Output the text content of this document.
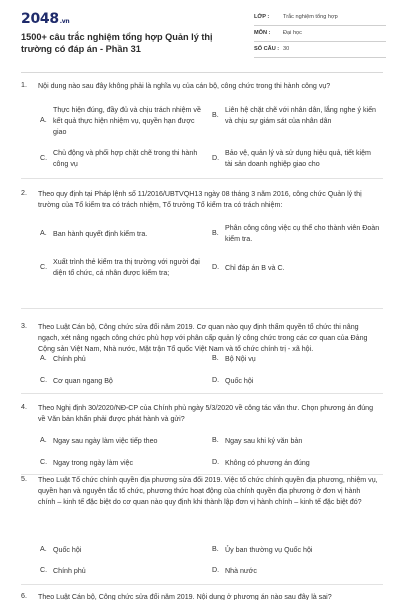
2048.vn
1500+ câu trắc nghiệm tổng hợp Quản lý thị trường có đáp án - Phần 31
LỚP : Trắc nghiệm tổng hợp
MÔN : Đại học
SỐ CÂU : 30
1. Nội dung nào sau đây không phải là nghĩa vụ của cán bộ, công chức trong thi hành công vụ?
A.
Thực hiện đúng, đầy đủ và chịu trách nhiệm về kết quả thực hiện nhiệm vụ, quyền hạn được giao
B.
Liên hệ chặt chẽ với nhân dân, lắng nghe ý kiến và chịu sự giám sát của nhân dân
C.
Chủ động và phối hợp chặt chẽ trong thi hành công vụ
D.
Bảo vệ, quản lý và sử dụng hiệu quả, tiết kiệm tài sản doanh nghiệp giao cho
2. Theo quy định tại Pháp lệnh số 11/2016/UBTVQH13 ngày 08 tháng 3 năm 2016, công chức Quản lý thị trường của Tổ kiểm tra có trách nhiệm, Tổ trưởng Tổ kiểm tra có trách nhiệm:
A. Ban hành quyết định kiểm tra.	B.
Phân công công việc cụ thể cho thành viên Đoàn kiểm tra.
C.
Xuất trình thẻ kiểm tra thị trường với người đại diện tổ chức, cá nhân được kiểm tra;
D. Chỉ đáp án B và C.
3. Theo Luật Cán bộ, Công chức sửa đổi năm 2019. Cơ quan nào quy định thẩm quyền tổ chức thi nâng ngạch, xét nâng ngạch công chức phù hợp với phân cấp quản lý công chức trong các cơ quan của Đảng Cộng sản Việt Nam, Nhà nước, Mặt trận Tổ quốc Việt Nam và tổ chức chính trị - xã hội.
A. Chính phủ	B. Bộ Nội vụ
C. Cơ quan ngang Bộ	D. Quốc hội
4. Theo Nghị định 30/2020/NĐ-CP của Chính phủ ngày 5/3/2020 về công tác văn thư. Chọn phương án đúng về Văn bản khẩn phải được phát hành và gửi?
A. Ngay sau ngày làm việc tiếp theo	B. Ngay sau khi ký văn bản
C. Ngay trong ngày làm việc	D. Không có phương án đúng
5. Theo Luật Tổ chức chính quyền địa phương sửa đổi 2019. Việc tổ chức chính quyền địa phương, nhiệm vụ, quyền hạn và nguyên tắc tổ chức, phương thức hoạt động của chính quyền địa phương ở đơn vị hành chính – kinh tế đặc biệt do cơ quan nào quy định khi thành lập đơn vị hành chính – kinh tế đặc biệt đó?
A. Quốc hội	B. Ủy ban thường vụ Quốc hội
C. Chính phủ	D. Nhà nước
6. Theo Luật Cán bộ, Công chức sửa đổi năm 2019. Nội dung ở phương án nào sau đây là sai?
